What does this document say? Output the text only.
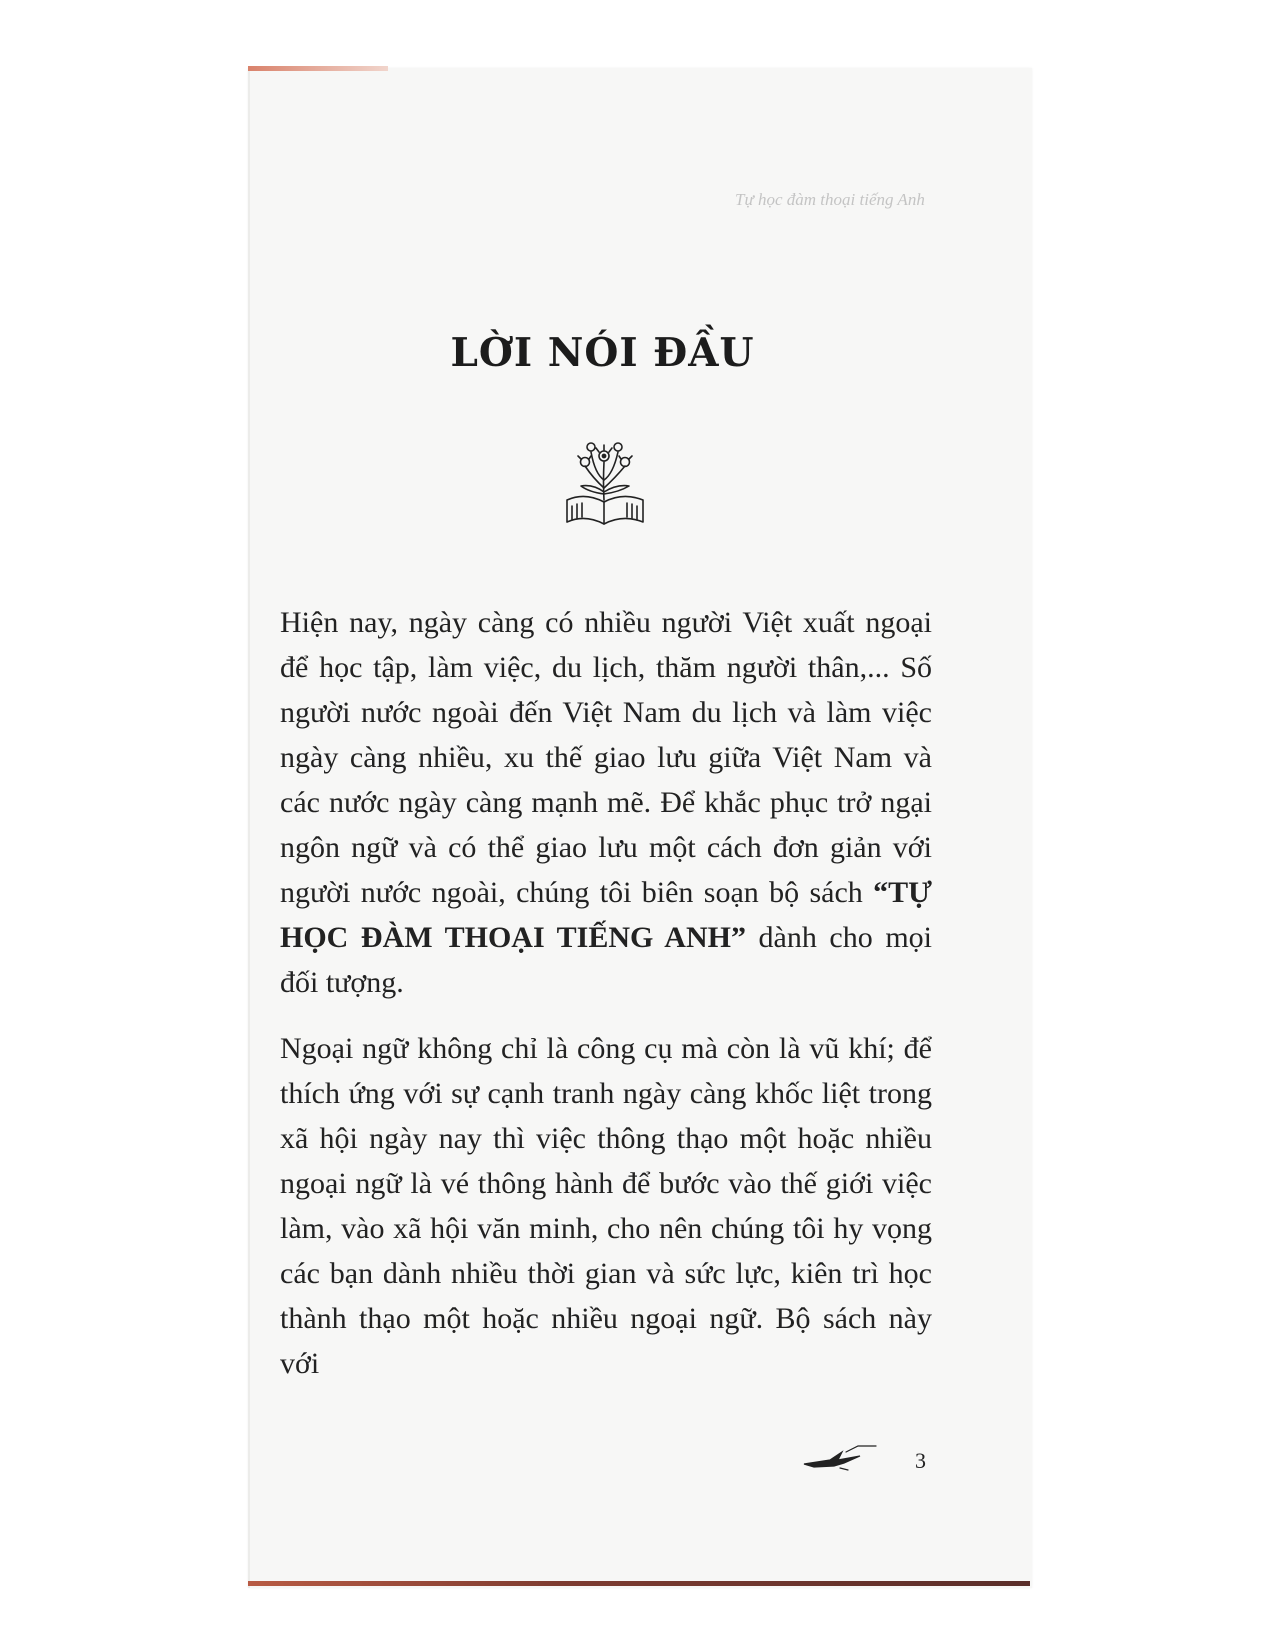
Tự học đàm thoại tiếng Anh
LỜI NÓI ĐẦU

Hiện nay, ngày càng có nhiều người Việt xuất ngoại để học tập, làm việc, du lịch, thăm người thân,... Số người nước ngoài đến Việt Nam du lịch và làm việc ngày càng nhiều, xu thế giao lưu giữa Việt Nam và các nước ngày càng mạnh mẽ. Để khắc phục trở ngại ngôn ngữ và có thể giao lưu một cách đơn giản với người nước ngoài, chúng tôi biên soạn bộ sách “TỰ HỌC ĐÀM THOẠI TIẾNG ANH” dành cho mọi đối tượng.

Ngoại ngữ không chỉ là công cụ mà còn là vũ khí; để thích ứng với sự cạnh tranh ngày càng khốc liệt trong xã hội ngày nay thì việc thông thạo một hoặc nhiều ngoại ngữ là vé thông hành để bước vào thế giới việc làm, vào xã hội văn minh, cho nên chúng tôi hy vọng các bạn dành nhiều thời gian và sức lực, kiên trì học thành thạo một hoặc nhiều ngoại ngữ. Bộ sách này với

3
